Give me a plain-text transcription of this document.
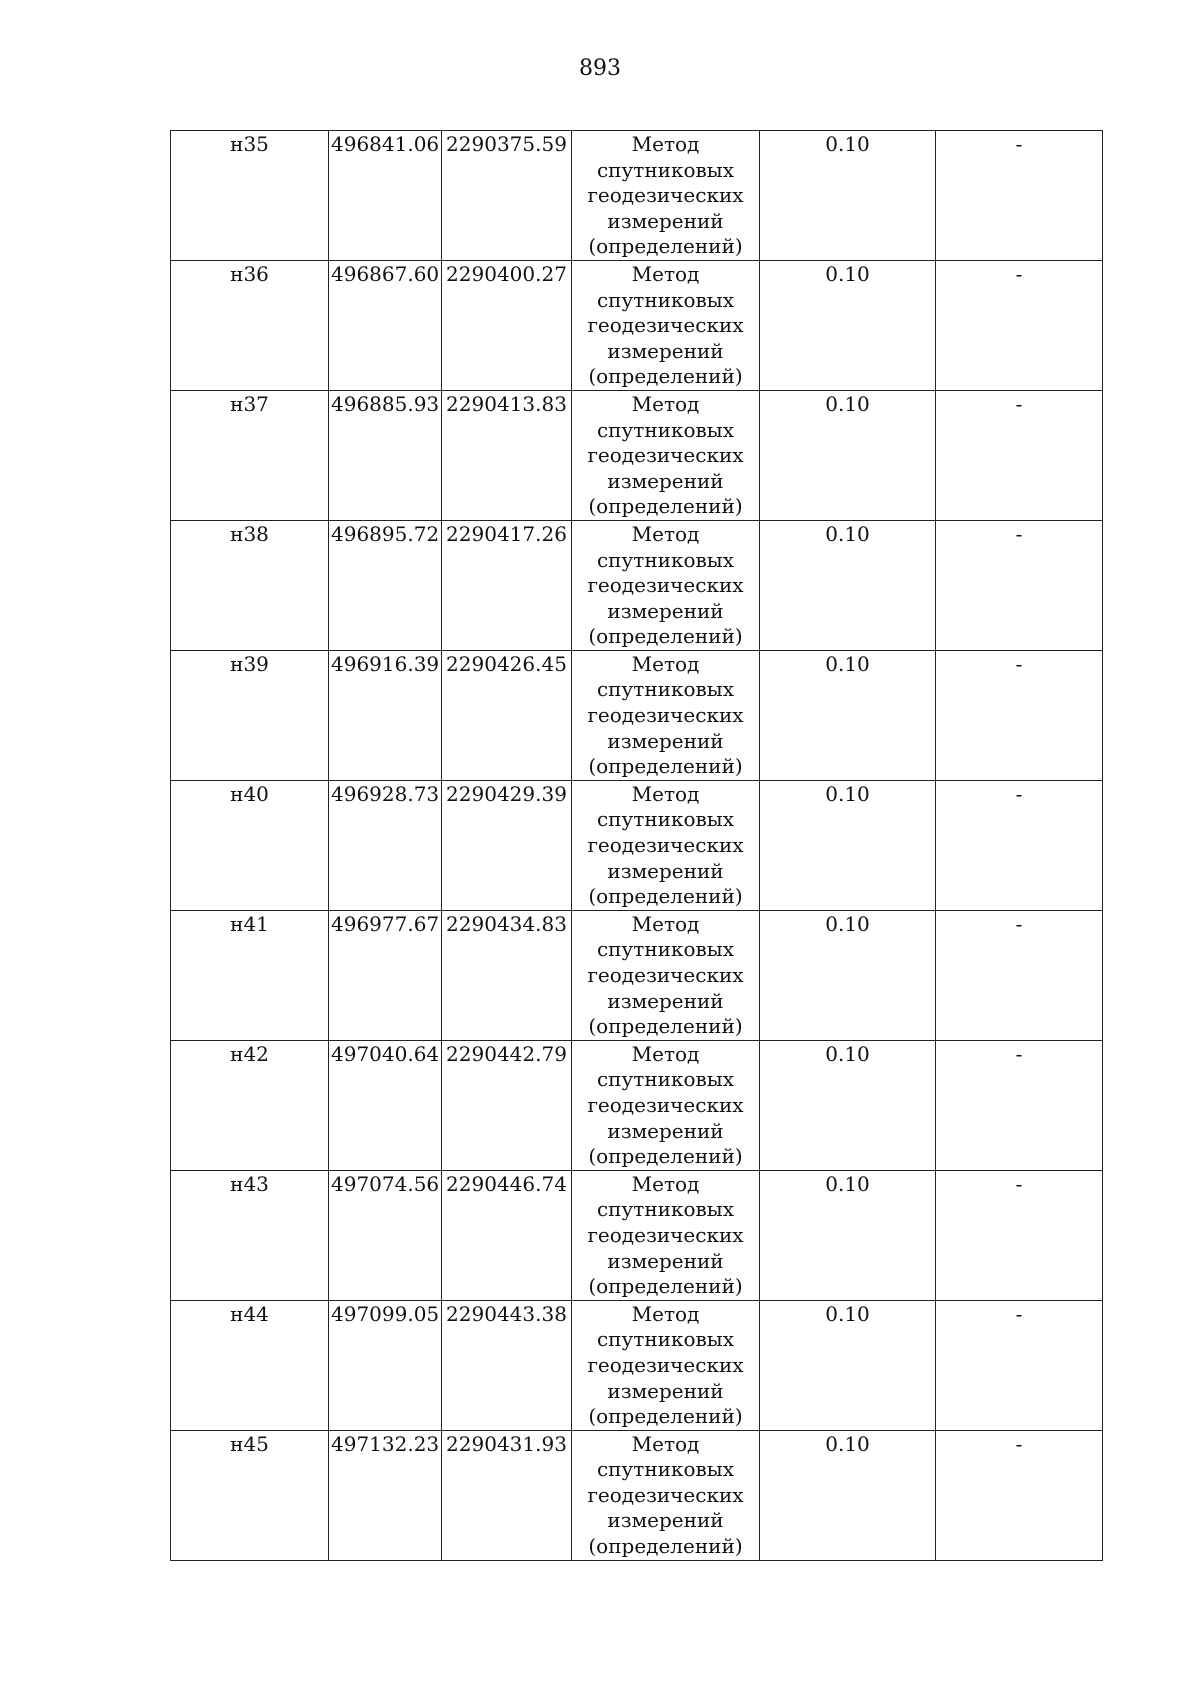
893
н35	496841.06	2290375.59	Метод
спутниковых
геодезических
измерений
(определений)	0.10	-
н36	496867.60	2290400.27	Метод
спутниковых
геодезических
измерений
(определений)	0.10	-
н37	496885.93	2290413.83	Метод
спутниковых
геодезических
измерений
(определений)	0.10	-
н38	496895.72	2290417.26	Метод
спутниковых
геодезических
измерений
(определений)	0.10	-
н39	496916.39	2290426.45	Метод
спутниковых
геодезических
измерений
(определений)	0.10	-
н40	496928.73	2290429.39	Метод
спутниковых
геодезических
измерений
(определений)	0.10	-
н41	496977.67	2290434.83	Метод
спутниковых
геодезических
измерений
(определений)	0.10	-
н42	497040.64	2290442.79	Метод
спутниковых
геодезических
измерений
(определений)	0.10	-
н43	497074.56	2290446.74	Метод
спутниковых
геодезических
измерений
(определений)	0.10	-
н44	497099.05	2290443.38	Метод
спутниковых
геодезических
измерений
(определений)	0.10	-
н45	497132.23	2290431.93	Метод
спутниковых
геодезических
измерений
(определений)	0.10	-
